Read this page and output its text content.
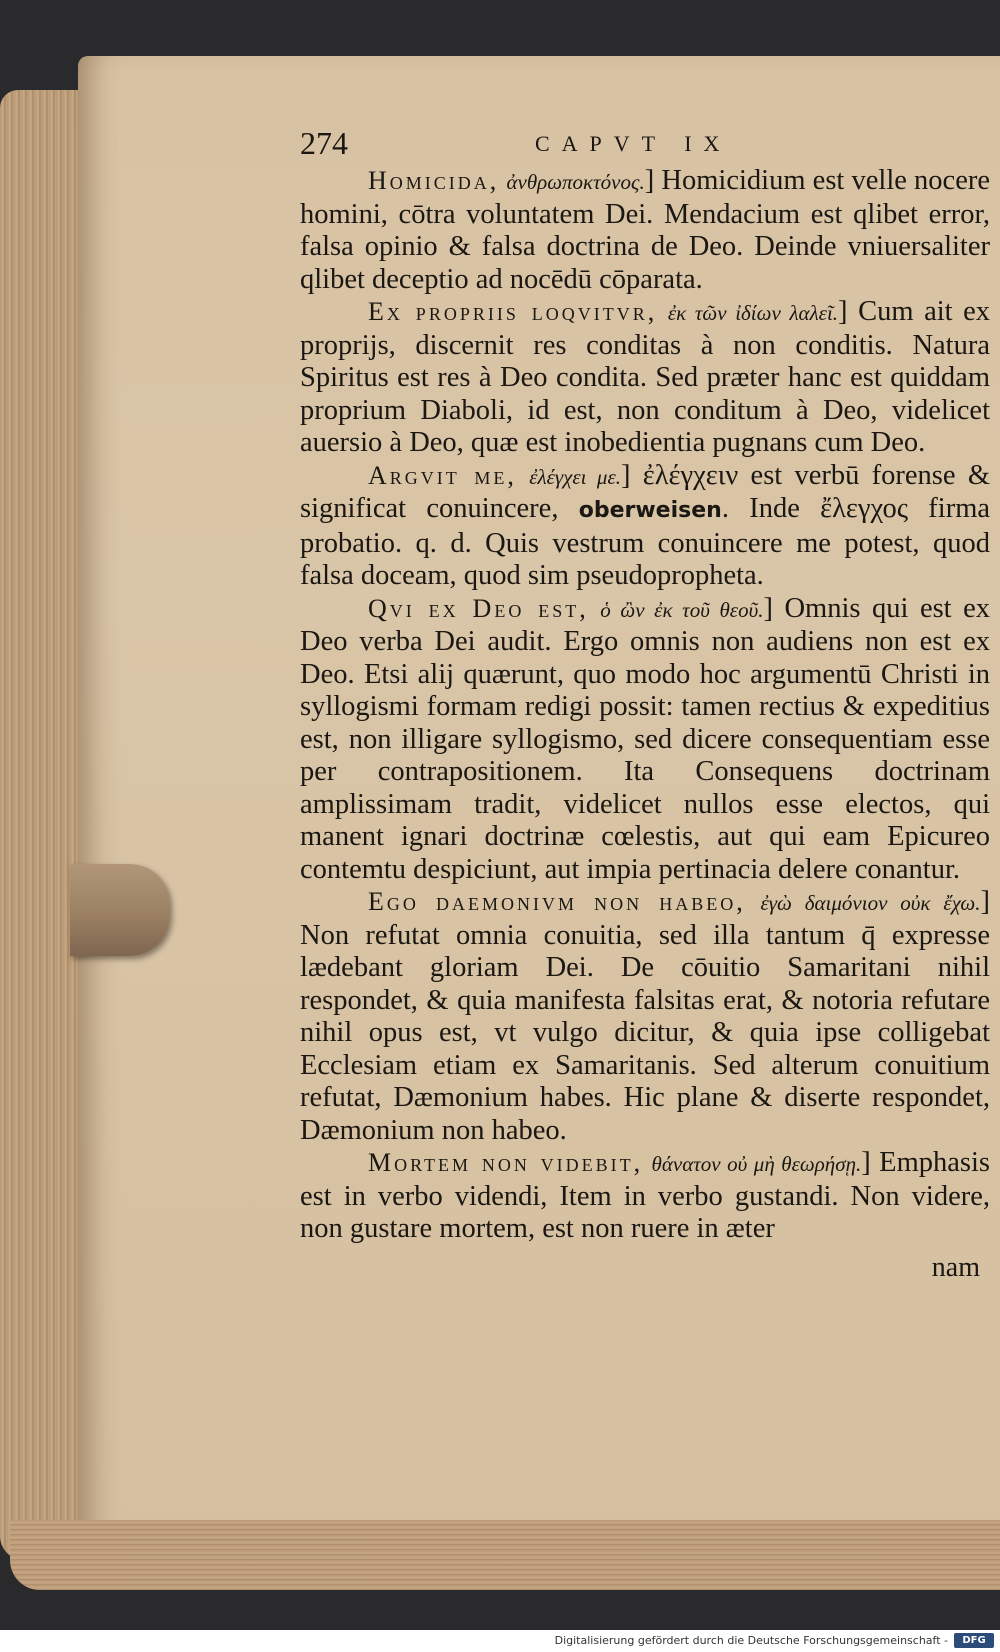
274	CAPVT IX

Homicida, ἀνθρωποκτόνος.] Homicidium est velle nocere homini, cōtra voluntatem Dei. Mendacium est qlibet error, falsa opinio & falsa doctrina de Deo. Deinde vniuersaliter qlibet deceptio ad nocēdū cōparata.

Ex propriis loqvitvr, ἐκ τῶν ἰδίων λαλεῖ.] Cum ait ex proprijs, discernit res conditas à non conditis. Natura Spiritus est res à Deo condita. Sed præter hanc est quiddam proprium Diaboli, id est, non conditum à Deo, videlicet auersio à Deo, quæ est inobedientia pugnans cum Deo.

Argvit me, ἐλέγχει με.] ἐλέγχειν est verbū forense & significat conuincere, oberweisen. Inde ἔλεγχος firma probatio. q. d. Quis vestrum conuincere me potest, quod falsa doceam, quod sim pseudopropheta.

Qvi ex Deo est, ὁ ὢν ἐκ τοῦ θεοῦ.] Omnis qui est ex Deo verba Dei audit. Ergo omnis non audiens non est ex Deo. Etsi alij quærunt, quo modo hoc argumentū Christi in syllogismi formam redigi possit: tamen rectius & expeditius est, non illigare syllogismo, sed dicere consequentiam esse per contrapositionem. Ita Consequens doctrinam amplissimam tradit, videlicet nullos esse electos, qui manent ignari doctrinæ cœlestis, aut qui eam Epicureo contemtu despiciunt, aut impia pertinacia delere conantur.

Ego daemonivm non habeo, ἐγὼ δαιμόνιον οὐκ ἔχω.] Non refutat omnia conuitia, sed illa tantum q̄ expresse lædebant gloriam Dei. De cōuitio Samaritani nihil respondet, & quia manifesta falsitas erat, & notoria refutare nihil opus est, vt vulgo dicitur, & quia ipse colligebat Ecclesiam etiam ex Samaritanis. Sed alterum conuitium refutat, Dæmonium habes. Hic plane & diserte respondet, Dæmonium non habeo.

Mortem non videbit, θάνατον οὐ μὴ θεωρήσῃ.] Emphasis est in verbo videndi, Item in verbo gustandi. Non videre, non gustare mortem, est non ruere in æter

nam
Digitalisierung gefördert durch die Deutsche Forschungsgemeinschaft -	DFG
